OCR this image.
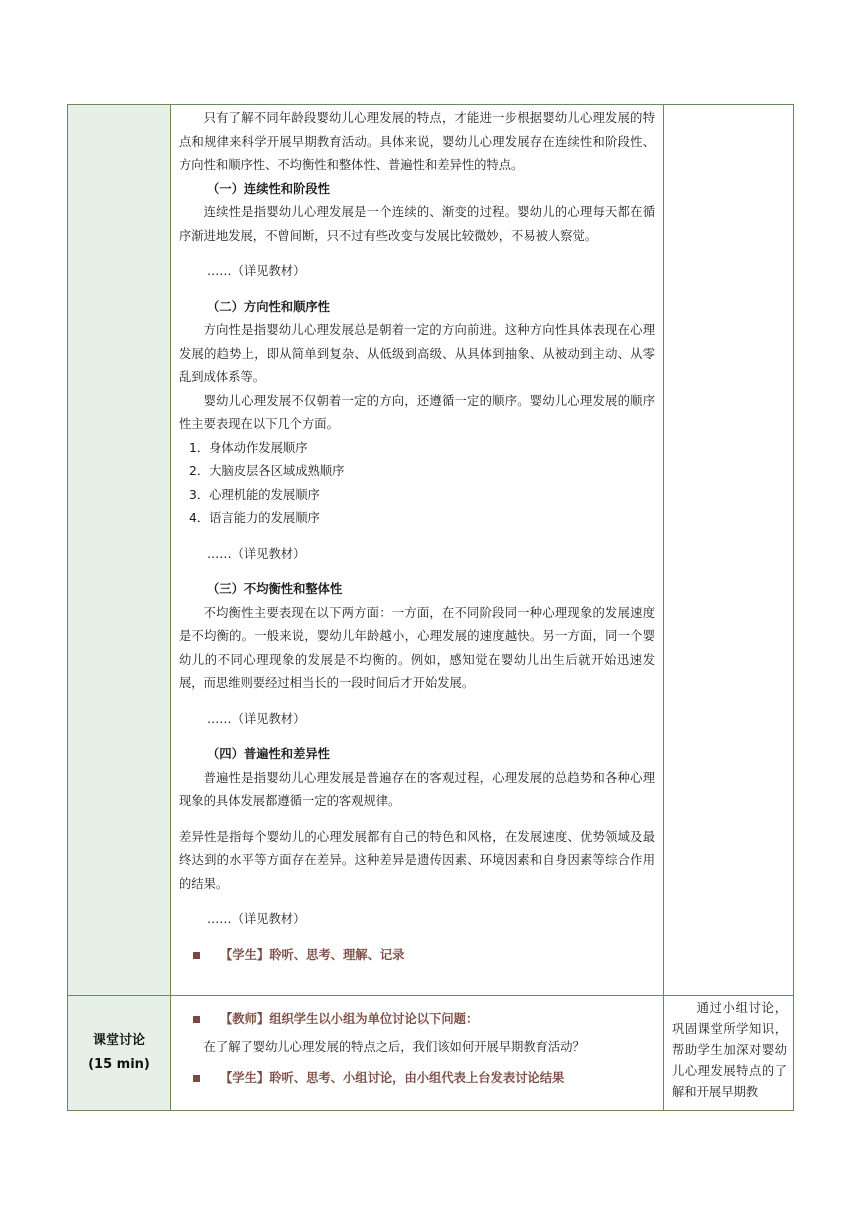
只有了解不同年龄段婴幼儿心理发展的特点，才能进一步根据婴幼儿心理发展的特点和规律来科学开展早期教育活动。具体来说，婴幼儿心理发展存在连续性和阶段性、方向性和顺序性、不均衡性和整体性、普遍性和差异性的特点。

（一）连续性和阶段性

连续性是指婴幼儿心理发展是一个连续的、渐变的过程。婴幼儿的心理每天都在循序渐进地发展，不曾间断，只不过有些改变与发展比较微妙，不易被人察觉。

……（详见教材）

（二）方向性和顺序性

方向性是指婴幼儿心理发展总是朝着一定的方向前进。这种方向性具体表现在心理发展的趋势上，即从简单到复杂、从低级到高级、从具体到抽象、从被动到主动、从零乱到成体系等。

婴幼儿心理发展不仅朝着一定的方向，还遵循一定的顺序。婴幼儿心理发展的顺序性主要表现在以下几个方面。

1．身体动作发展顺序

2．大脑皮层各区域成熟顺序

3．心理机能的发展顺序

4．语言能力的发展顺序

……（详见教材）

（三）不均衡性和整体性

不均衡性主要表现在以下两方面：一方面，在不同阶段同一种心理现象的发展速度是不均衡的。一般来说，婴幼儿年龄越小，心理发展的速度越快。另一方面，同一个婴幼儿的不同心理现象的发展是不均衡的。例如，感知觉在婴幼儿出生后就开始迅速发展，而思维则要经过相当长的一段时间后才开始发展。

……（详见教材）

（四）普遍性和差异性

普遍性是指婴幼儿心理发展是普遍存在的客观过程，心理发展的总趋势和各种心理现象的具体发展都遵循一定的客观规律。

差异性是指每个婴幼儿的心理发展都有自己的特色和风格，在发展速度、优势领域及最终达到的水平等方面存在差异。这种差异是遗传因素、环境因素和自身因素等综合作用的结果。

……（详见教材）

【学生】聆听、思考、理解、记录
课堂讨论
(15 min)
【教师】组织学生以小组为单位讨论以下问题：

在了解了婴幼儿心理发展的特点之后，我们该如何开展早期教育活动？

【学生】聆听、思考、小组讨论，由小组代表上台发表讨论结果

通过小组讨论，巩固课堂所学知识，帮助学生加深对婴幼儿心理发展特点的了解和开展早期教
